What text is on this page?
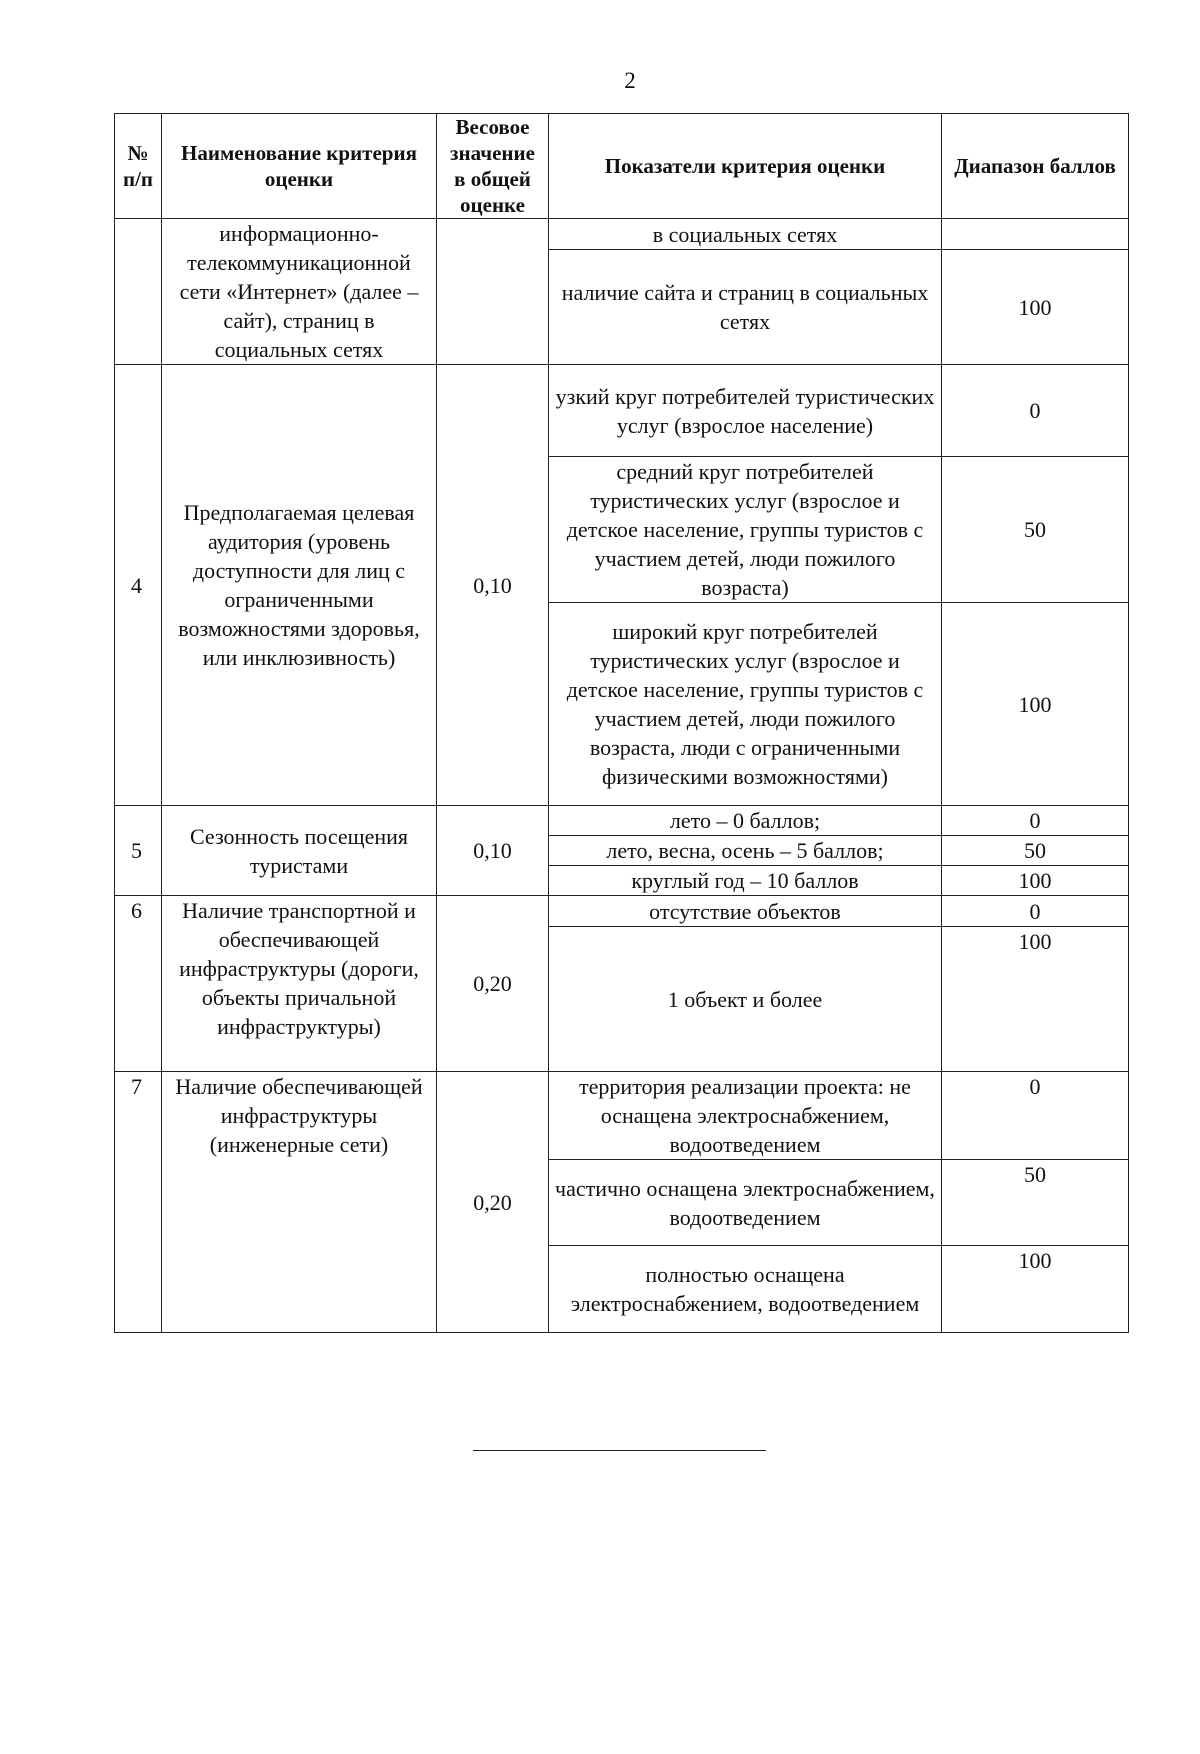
2
№ п/п	Наименование критерия оценки	Весовое значение в общей оценке	Показатели критерия оценки	Диапазон баллов
	информационно-телекоммуникационной сети «Интернет» (далее – сайт), страниц в социальных сетях		в социальных сетях	
			наличие сайта и страниц в социальных сетях	100
4	Предполагаемая целевая аудитория (уровень доступности для лиц с ограниченными возможностями здоровья, или инклюзивность)	0,10	узкий круг потребителей туристических услуг (взрослое население)	0
			средний круг потребителей туристических услуг (взрослое и детское население, группы туристов с участием детей, люди пожилого возраста)	50
			широкий круг потребителей туристических услуг (взрослое и детское население, группы туристов с участием детей, люди пожилого возраста, люди с ограниченными физическими возможностями)	100
5	Сезонность посещения туристами	0,10	лето – 0 баллов;	0
			лето, весна, осень – 5 баллов;	50
			круглый год – 10 баллов	100
6	Наличие транспортной и обеспечивающей инфраструктуры (дороги, объекты причальной инфраструктуры)	0,20	отсутствие объектов	0
			1 объект и более	100
7	Наличие обеспечивающей инфраструктуры (инженерные сети)	0,20	территория реализации проекта: не оснащена электроснабжением, водоотведением	0
			частично оснащена электроснабжением, водоотведением	50
			полностью оснащена электроснабжением, водоотведением	100
